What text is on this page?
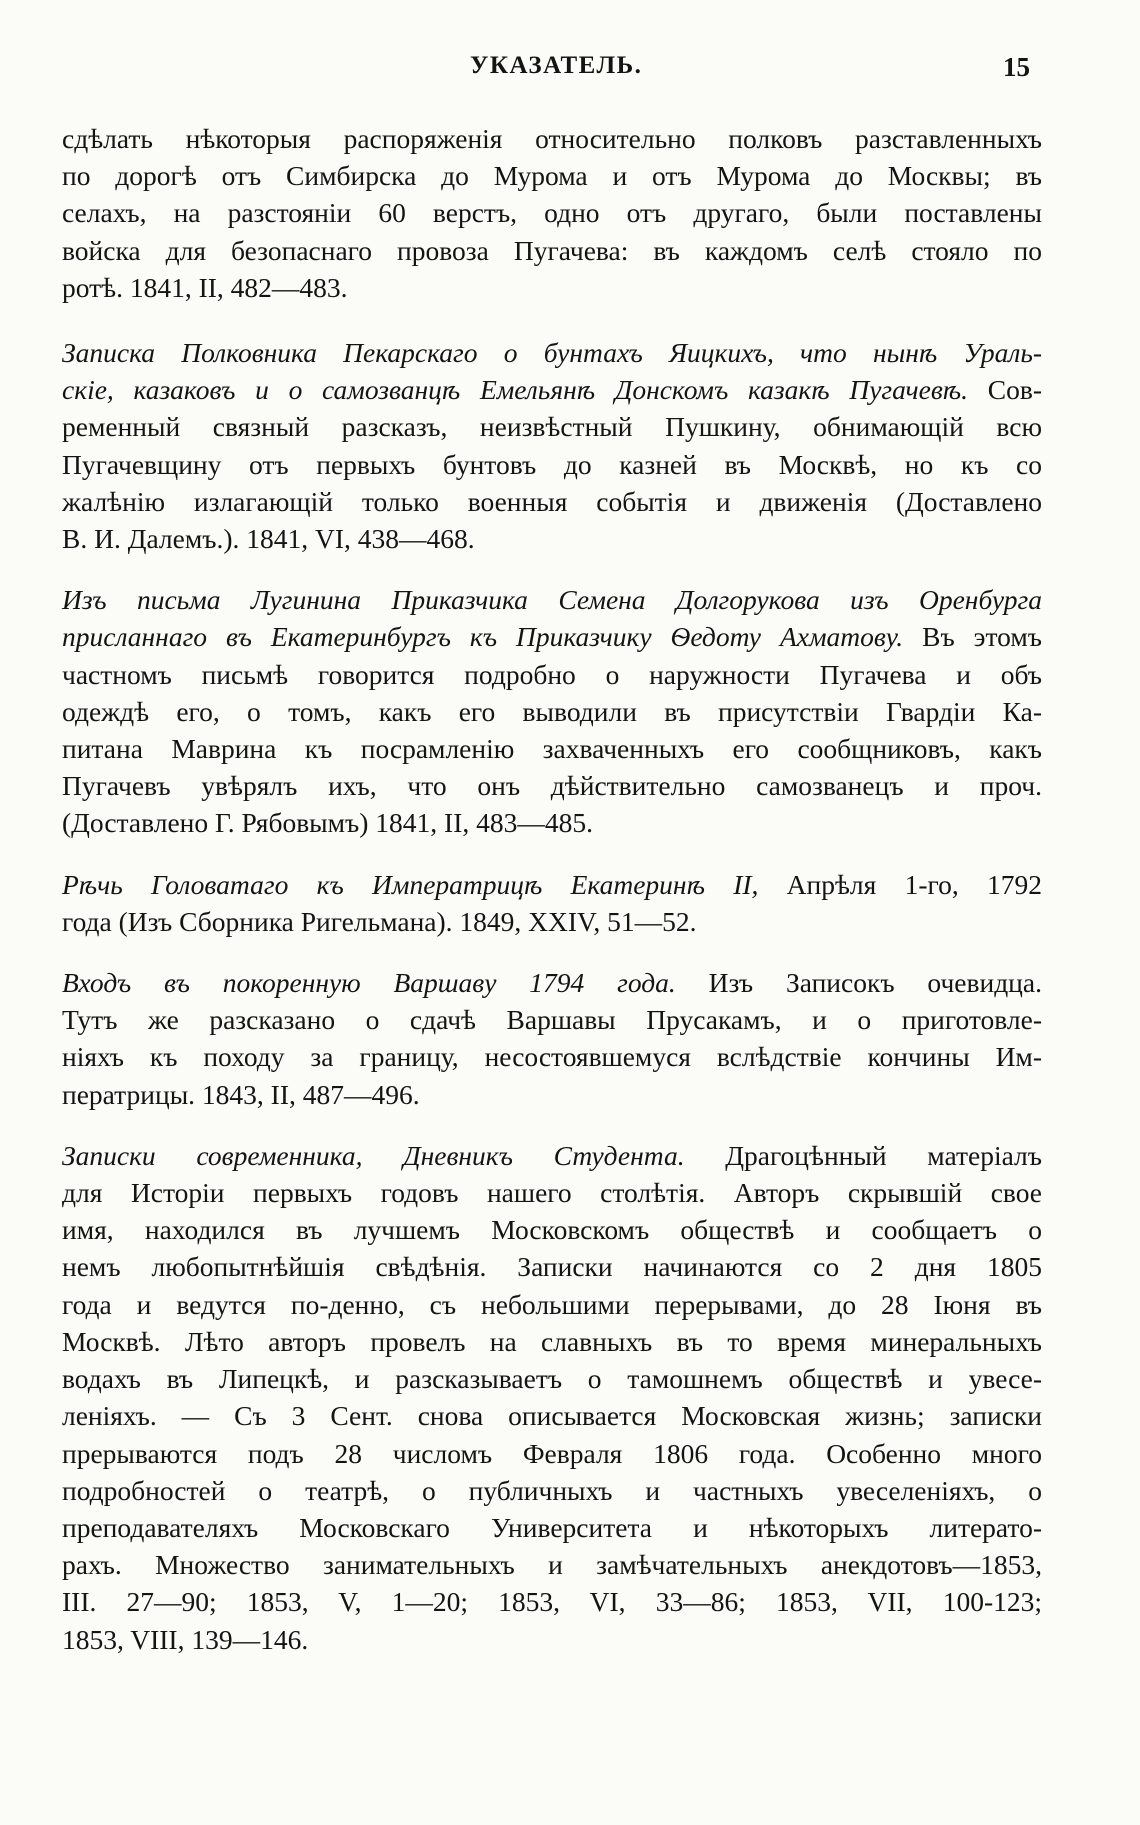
УКАЗАТЕЛЬ.	15
сдѣлать нѣкоторыя распоряженія относительно полковъ разставленныхъ
по дорогѣ отъ Симбирска до Мурома и отъ Мурома до Москвы; въ
селахъ, на разстояніи 60 верстъ, одно отъ другаго, были поставлены
войска для безопаснаго провоза Пугачева: въ каждомъ селѣ стояло по
ротѣ. 1841, II, 482—483.
Записка Полковника Пекарскаго о бунтахъ Яицкихъ, что нынѣ Ураль-
скіе, казаковъ и о самозванцѣ Емельянѣ Донскомъ казакѣ Пугачевѣ. Сов-
ременный связный разсказъ, неизвѣстный Пушкину, обнимающій всю
Пугачевщину отъ первыхъ бунтовъ до казней въ Москвѣ, но къ со
жалѣнію излагающій только военныя событія и движенія (Доставлено
В. И. Далемъ.). 1841, VI, 438—468.
Изъ письма Лугинина Приказчика Семена Долгорукова изъ Оренбурга
присланнаго въ Екатеринбургъ къ Приказчику Ѳедоту Ахматову. Въ этомъ
частномъ письмѣ говорится подробно о наружности Пугачева и объ
одеждѣ его, о томъ, какъ его выводили въ присутствіи Гвардіи Ка-
питана Маврина къ посрамленію захваченныхъ его сообщниковъ, какъ
Пугачевъ увѣрялъ ихъ, что онъ дѣйствительно самозванецъ и проч.
(Доставлено Г. Рябовымъ) 1841, II, 483—485.
Рѣчь Головатаго къ Императрицѣ Екатеринѣ II, Апрѣля 1-го, 1792
года (Изъ Сборника Ригельмана). 1849, XXIV, 51—52.
Входъ въ покоренную Варшаву 1794 года. Изъ Записокъ очевидца.
Тутъ же разсказано о сдачѣ Варшавы Прусакамъ, и о приготовле-
ніяхъ къ походу за границу, несостоявшемуся вслѣдствіе кончины Им-
ператрицы. 1843, II, 487—496.
Записки современника, Дневникъ Студента. Драгоцѣнный матеріалъ
для Исторіи первыхъ годовъ нашего столѣтія. Авторъ скрывшій свое
имя, находился въ лучшемъ Московскомъ обществѣ и сообщаетъ о
немъ любопытнѣйшія свѣдѣнія. Записки начинаются со 2 дня 1805
года и ведутся по-денно, съ небольшими перерывами, до 28 Іюня въ
Москвѣ. Лѣто авторъ провелъ на славныхъ въ то время минеральныхъ
водахъ въ Липецкѣ, и разсказываетъ о тамошнемъ обществѣ и увесе-
леніяхъ. — Съ 3 Сент. снова описывается Московская жизнь; записки
прерываются подъ 28 числомъ Февраля 1806 года. Особенно много
подробностей о театрѣ, о публичныхъ и частныхъ увеселеніяхъ, о
преподавателяхъ Московскаго Университета и нѣкоторыхъ литерато-
рахъ. Множество занимательныхъ и замѣчательныхъ анекдотовъ—1853,
III. 27—90; 1853, V, 1—20; 1853, VI, 33—86; 1853, VII, 100-123;
1853, VIII, 139—146.
